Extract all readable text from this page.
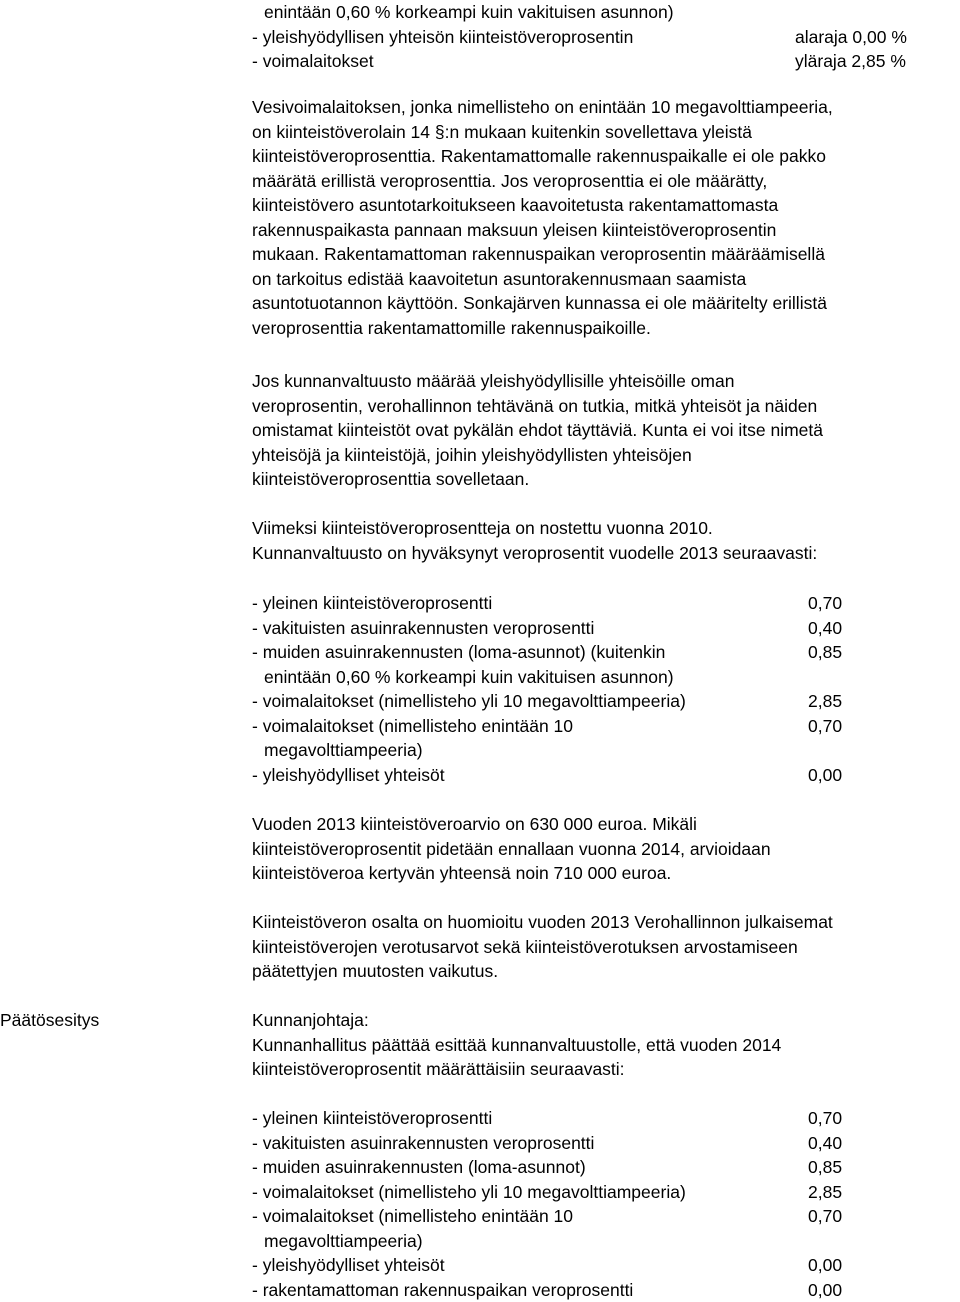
enintään 0,60 % korkeampi kuin vakituisen asunnon)
- yleishyödyllisen yhteisön kiinteistöveroprosentin	alaraja 0,00 %
- voimalaitokset	yläraja 2,85 %
Vesivoimalaitoksen, jonka nimellisteho on enintään 10 megavolttiampeeria,
on kiinteistöverolain 14 §:n mukaan kuitenkin sovellettava yleistä
kiinteistöveroprosenttia. Rakentamattomalle rakennuspaikalle ei ole pakko
määrätä erillistä veroprosenttia. Jos veroprosenttia ei ole määrätty,
kiinteistövero asuntotarkoitukseen kaavoitetusta rakentamattomasta
rakennuspaikasta pannaan maksuun yleisen kiinteistöveroprosentin
mukaan. Rakentamattoman rakennuspaikan veroprosentin määräämisellä
on tarkoitus edistää kaavoitetun asuntorakennusmaan saamista
asuntotuotannon käyttöön. Sonkajärven kunnassa ei ole määritelty erillistä
veroprosenttia rakentamattomille rakennuspaikoille.
Jos kunnanvaltuusto määrää yleishyödyllisille yhteisöille oman
veroprosentin, verohallinnon tehtävänä on tutkia, mitkä yhteisöt ja näiden
omistamat kiinteistöt ovat pykälän ehdot täyttäviä. Kunta ei voi itse nimetä
yhteisöjä ja kiinteistöjä, joihin yleishyödyllisten yhteisöjen
kiinteistöveroprosenttia sovelletaan.
Viimeksi kiinteistöveroprosentteja on nostettu vuonna 2010.
Kunnanvaltuusto on hyväksynyt veroprosentit vuodelle 2013 seuraavasti:
- yleinen kiinteistöveroprosentti	0,70
- vakituisten asuinrakennusten veroprosentti	0,40
- muiden asuinrakennusten (loma-asunnot) (kuitenkin	0,85
enintään 0,60 % korkeampi kuin vakituisen asunnon)
- voimalaitokset (nimellisteho yli 10 megavolttiampeeria)	2,85
- voimalaitokset (nimellisteho enintään 10	0,70
megavolttiampeeria)
- yleishyödylliset yhteisöt	0,00
Vuoden 2013 kiinteistöveroarvio on 630 000 euroa. Mikäli
kiinteistöveroprosentit pidetään ennallaan vuonna 2014, arvioidaan
kiinteistöveroa kertyvän yhteensä noin 710 000 euroa.
Kiinteistöveron osalta on huomioitu vuoden 2013 Verohallinnon julkaisemat
kiinteistöverojen verotusarvot sekä kiinteistöverotuksen arvostamiseen
päätettyjen muutosten vaikutus.
Päätösesitys	Kunnanjohtaja:
Kunnanhallitus päättää esittää kunnanvaltuustolle, että vuoden 2014
kiinteistöveroprosentit määrättäisiin seuraavasti:
- yleinen kiinteistöveroprosentti	0,70
- vakituisten asuinrakennusten veroprosentti	0,40
- muiden asuinrakennusten (loma-asunnot)	0,85
- voimalaitokset (nimellisteho yli 10 megavolttiampeeria)	2,85
- voimalaitokset (nimellisteho enintään 10	0,70
megavolttiampeeria)
- yleishyödylliset yhteisöt	0,00
- rakentamattoman rakennuspaikan veroprosentti	0,00
